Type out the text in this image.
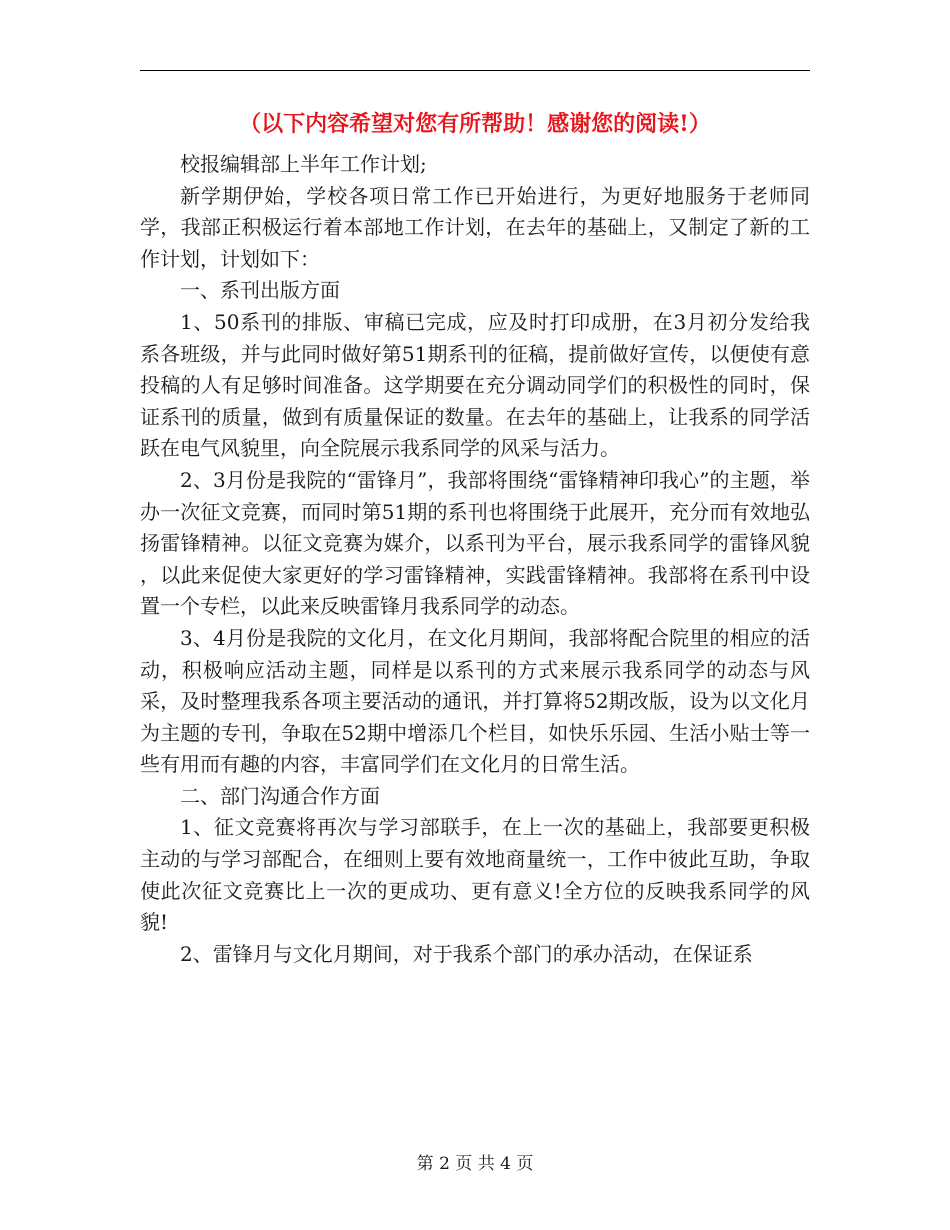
（以下内容希望对您有所帮助！感谢您的阅读!）

校报编辑部上半年工作计划;

新学期伊始，学校各项日常工作已开始进行，为更好地服务于老师同学，我部正积极运行着本部地工作计划，在去年的基础上，又制定了新的工作计划，计划如下：

一、系刊出版方面

1、50系刊的排版、审稿已完成，应及时打印成册，在3月初分发给我系各班级，并与此同时做好第51期系刊的征稿，提前做好宣传，以便使有意投稿的人有足够时间准备。这学期要在充分调动同学们的积极性的同时，保证系刊的质量，做到有质量保证的数量。在去年的基础上，让我系的同学活跃在电气风貌里，向全院展示我系同学的风采与活力。

2、3月份是我院的“雷锋月”，我部将围绕“雷锋精神印我心”的主题，举办一次征文竞赛，而同时第51期的系刊也将围绕于此展开，充分而有效地弘扬雷锋精神。以征文竞赛为媒介，以系刊为平台，展示我系同学的雷锋风貌 ，以此来促使大家更好的学习雷锋精神，实践雷锋精神。我部将在系刊中设置一个专栏，以此来反映雷锋月我系同学的动态。

3、4月份是我院的文化月，在文化月期间，我部将配合院里的相应的活动，积极响应活动主题，同样是以系刊的方式来展示我系同学的动态与风采，及时整理我系各项主要活动的通讯，并打算将52期改版，设为以文化月为主题的专刊，争取在52期中增添几个栏目，如快乐乐园、生活小贴士等一些有用而有趣的内容，丰富同学们在文化月的日常生活。

二、部门沟通合作方面

1、征文竞赛将再次与学习部联手，在上一次的基础上，我部要更积极主动的与学习部配合，在细则上要有效地商量统一，工作中彼此互助，争取使此次征文竞赛比上一次的更成功、更有意义!全方位的反映我系同学的风貌!

2、雷锋月与文化月期间，对于我系个部门的承办活动，在保证系

第 2 页 共 4 页
